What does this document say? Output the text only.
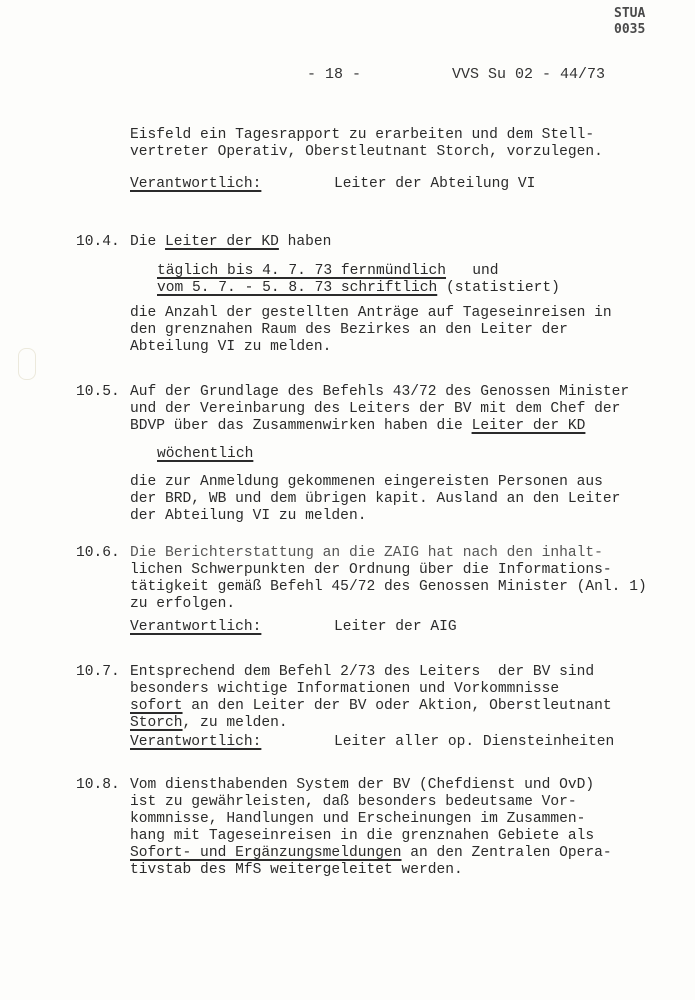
STUA
0035
- 18 -	VVS Su 02 - 44/73
Eisfeld ein Tagesrapport zu erarbeiten und dem Stell-
vertreter Operativ, Oberstleutnant Storch, vorzulegen.
Verantwortlich:	Leiter der Abteilung VI
10.4. Die Leiter der KD haben
täglich bis 4. 7. 73 fernmündlich   und
vom 5. 7. - 5. 8. 73 schriftlich (statistiert)
die Anzahl der gestellten Anträge auf Tageseinreisen in
den grenznahen Raum des Bezirkes an den Leiter der
Abteilung VI zu melden.
10.5. Auf der Grundlage des Befehls 43/72 des Genossen Minister
und der Vereinbarung des Leiters der BV mit dem Chef der
BDVP über das Zusammenwirken haben die Leiter der KD
wöchentlich
die zur Anmeldung gekommenen eingereisten Personen aus
der BRD, WB und dem übrigen kapit. Ausland an den Leiter
der Abteilung VI zu melden.
10.6. Die Berichterstattung an die ZAIG hat nach den inhalt-
lichen Schwerpunkten der Ordnung über die Informations-
tätigkeit gemäß Befehl 45/72 des Genossen Minister (Anl. 1)
zu erfolgen.
Verantwortlich:	Leiter der AIG
10.7. Entsprechend dem Befehl 2/73 des Leiters  der BV sind
besonders wichtige Informationen und Vorkommnisse
sofort an den Leiter der BV oder Aktion, Oberstleutnant
Storch, zu melden.
Verantwortlich:	Leiter aller op. Diensteinheiten
10.8. Vom diensthabenden System der BV (Chefdienst und OvD)
ist zu gewährleisten, daß besonders bedeutsame Vor-
kommnisse, Handlungen und Erscheinungen im Zusammen-
hang mit Tageseinreisen in die grenznahen Gebiete als
Sofort- und Ergänzungsmeldungen an den Zentralen Opera-
tivstab des MfS weitergeleitet werden.
